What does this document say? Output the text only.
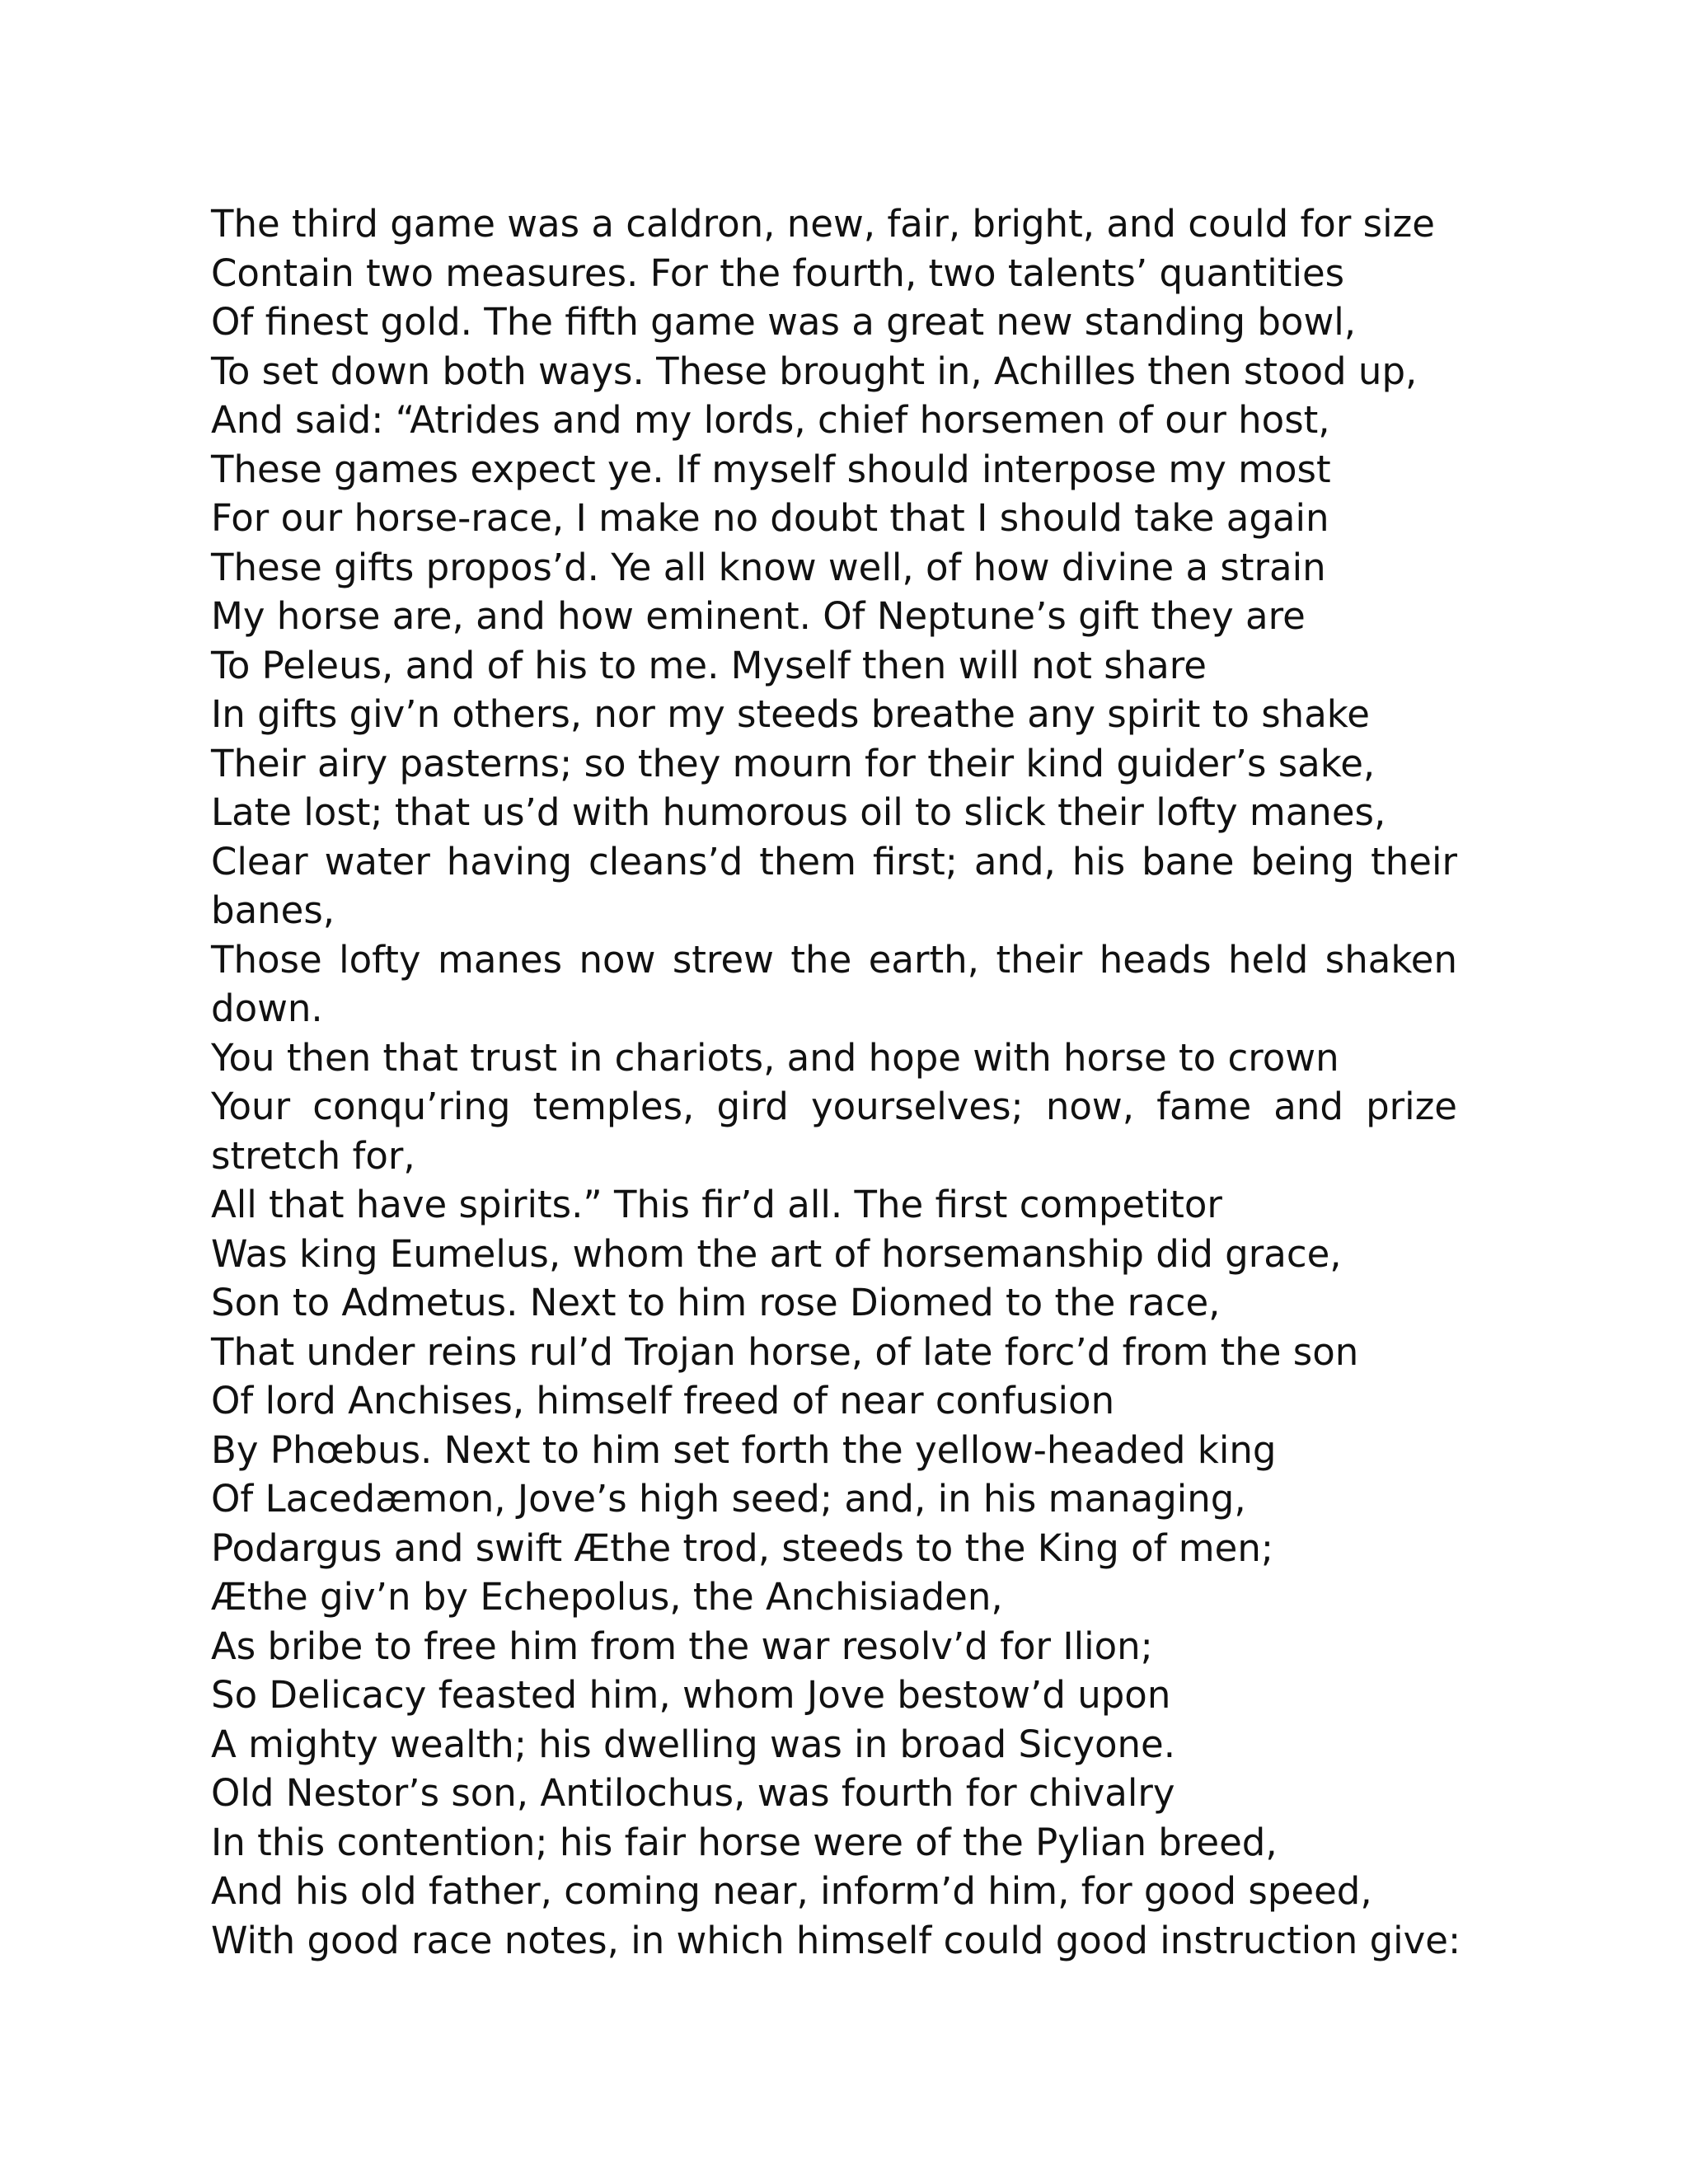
The third game was a caldron, new, fair, bright, and could for size
Contain two measures. For the fourth, two talents’ quantities
Of finest gold. The fifth game was a great new standing bowl,
To set down both ways. These brought in, Achilles then stood up,
And said: “Atrides and my lords, chief horsemen of our host,
These games expect ye. If myself should interpose my most
For our horse-race, I make no doubt that I should take again
These gifts propos’d. Ye all know well, of how divine a strain
My horse are, and how eminent. Of Neptune’s gift they are
To Peleus, and of his to me. Myself then will not share
In gifts giv’n others, nor my steeds breathe any spirit to shake
Their airy pasterns; so they mourn for their kind guider’s sake,
Late lost; that us’d with humorous oil to slick their lofty manes,
Clear water having cleans’d them first; and, his bane being their banes,
Those lofty manes now strew the earth, their heads held shaken down.
You then that trust in chariots, and hope with horse to crown
Your conqu’ring temples, gird yourselves; now, fame and prize stretch for,
All that have spirits.” This fir’d all. The first competitor
Was king Eumelus, whom the art of horsemanship did grace,
Son to Admetus. Next to him rose Diomed to the race,
That under reins rul’d Trojan horse, of late forc’d from the son
Of lord Anchises, himself freed of near confusion
By Phœbus. Next to him set forth the yellow-headed king
Of Lacedæmon, Jove’s high seed; and, in his managing,
Podargus and swift Æthe trod, steeds to the King of men;
Æthe giv’n by Echepolus, the Anchisiaden,
As bribe to free him from the war resolv’d for Ilion;
So Delicacy feasted him, whom Jove bestow’d upon
A mighty wealth; his dwelling was in broad Sicyone.
Old Nestor’s son, Antilochus, was fourth for chivalry
In this contention; his fair horse were of the Pylian breed,
And his old father, coming near, inform’d him, for good speed,
With good race notes, in which himself could good instruction give:
